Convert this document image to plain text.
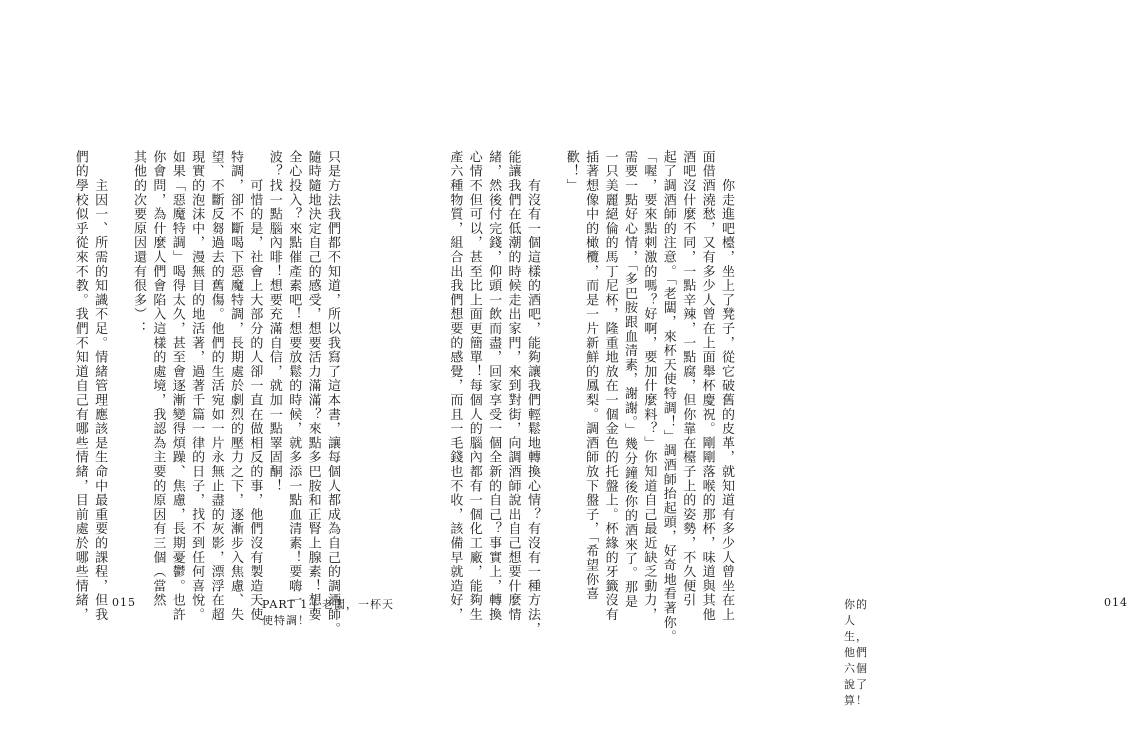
只是方法我們都不知道，所以我寫了這本書，讓每個人都成為自己的調酒師。
隨時隨地決定自己的感受，想要活力滿滿？來點多巴胺和正腎上腺素！想要
全心投入？來點催產素吧！想要放鬆的時候，就多添一點血清素！要嗨一
波？找一點腦內啡！想要充滿自信，就加一點睪固酮！
　　可惜的是，社會上大部分的人卻一直在做相反的事，他們沒有製造天使
特調，卻不斷喝下惡魔特調，長期處於劇烈的壓力之下，逐漸步入焦慮、失
望、不斷反芻過去的舊傷。他們的生活宛如一片永無止盡的灰影，漂浮在超
現實的泡沫中，漫無目的地活著，過著千篇一律的日子，找不到任何喜悅。
如果「惡魔特調」喝得太久，甚至會逐漸變得煩躁、焦慮，長期憂鬱。也許
你會問，為什麼人們會陷入這樣的處境，我認為主要的原因有三個（當然
其他的次要原因還有很多）：

　　主因一、所需的知識不足。情緒管理應該是生命中最重要的課程，但我
們的學校似乎從來不教。我們不知道自己有哪些情緒，目前處於哪些情緒， 015	PART 1 | 老闆，一杯天使特調！	　　你走進吧檯，坐上了凳子，從它破舊的皮革，就知道有多少人曾坐在上
面借酒澆愁，又有多少人曾在上面舉杯慶祝。剛剛落喉的那杯，味道與其他
酒吧沒什麼不同，一點辛辣，一點腐，但你靠在檯子上的姿勢，不久便引
起了調酒師的注意。「老闆，來杯天使特調！」調酒師抬起頭，好奇地看著你。
「喔，要來點刺激的嗎？好啊，要加什麼料？」你知道自己最近缺乏動力，
需要一點好心情，「多巴胺跟血清素，謝謝。」幾分鐘後你的酒來了。那是
一只美麗絕倫的馬丁尼杯，隆重地放在一個金色的托盤上。杯緣的牙籤沒有
插著想像中的橄欖，而是一片新鮮的鳳梨。調酒師放下盤子，「希望你喜
歡！」

　　有沒有一個這樣的酒吧，能夠讓我們輕鬆地轉換心情？有沒有一種方法，
能讓我們在低潮的時候走出家門，來到對街，向調酒師說出自己想要什麼情
緒，然後付完錢，仰頭一飲而盡，回家享受一個全新的自己？事實上，轉換
心情不但可以，甚至比上面更簡單！每個人的腦內都有一個化工廠，能夠生
產六種物質，組合出我們想要的感覺，而且一毛錢也不收，該備早就造好，	你的人生，他們六個說了算！
014
